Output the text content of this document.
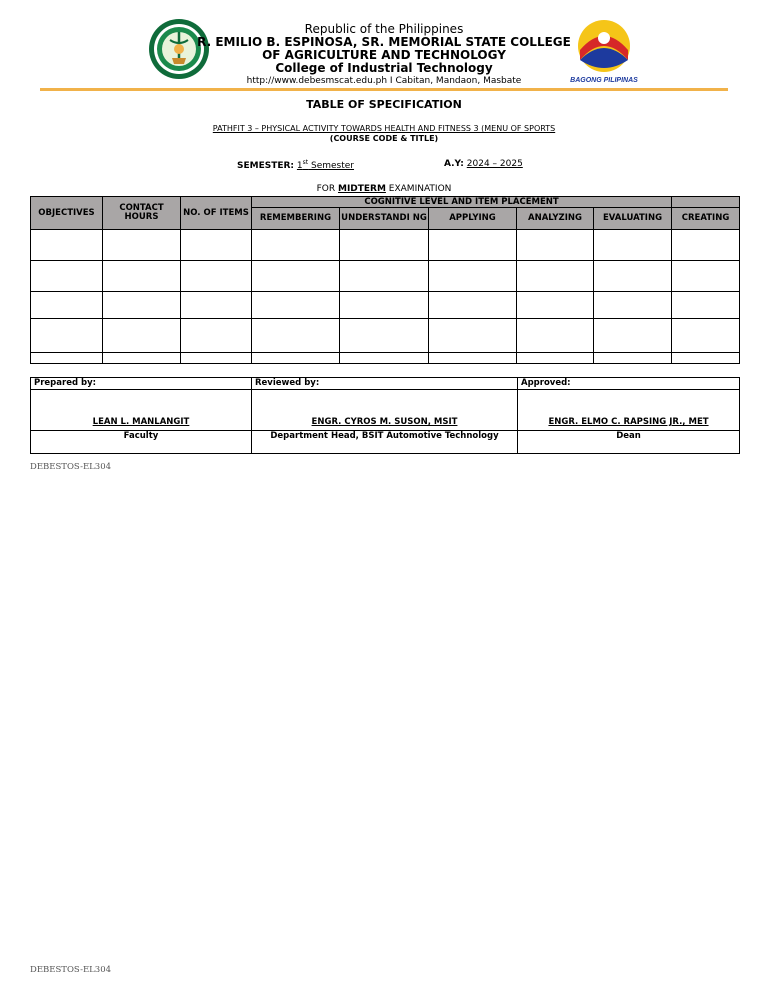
Republic of the Philippines
R. EMILIO B. ESPINOSA, SR. MEMORIAL STATE COLLEGE
OF AGRICULTURE AND TECHNOLOGY
College of Industrial Technology
http://www.debesmscat.edu.ph I Cabitan, Mandaon, Masbate	BAGONG PILIPINAS
TABLE OF SPECIFICATION
PATHFIT 3 – PHYSICAL ACTIVITY TOWARDS HEALTH AND FITNESS 3 (MENU OF SPORTS
(COURSE CODE & TITLE)
SEMESTER: 1st Semester	A.Y: 2024 – 2025
FOR MIDTERM EXAMINATION
OBJECTIVES	CONTACT HOURS	NO. OF ITEMS	COGNITIVE LEVEL AND ITEM PLACEMENT					
			REMEMBERING	UNDERSTANDI NG	APPLYING	ANALYZING	EVALUATING	CREATING

Prepared by:	Reviewed by:	Approved:
LEAN L. MANLANGIT	ENGR. CYROS M. SUSON, MSIT	ENGR. ELMO C. RAPSING JR., MET
Faculty	Department Head, BSIT Automotive Technology	Dean
DEBESTOS-EL304
DEBESTOS-EL304
